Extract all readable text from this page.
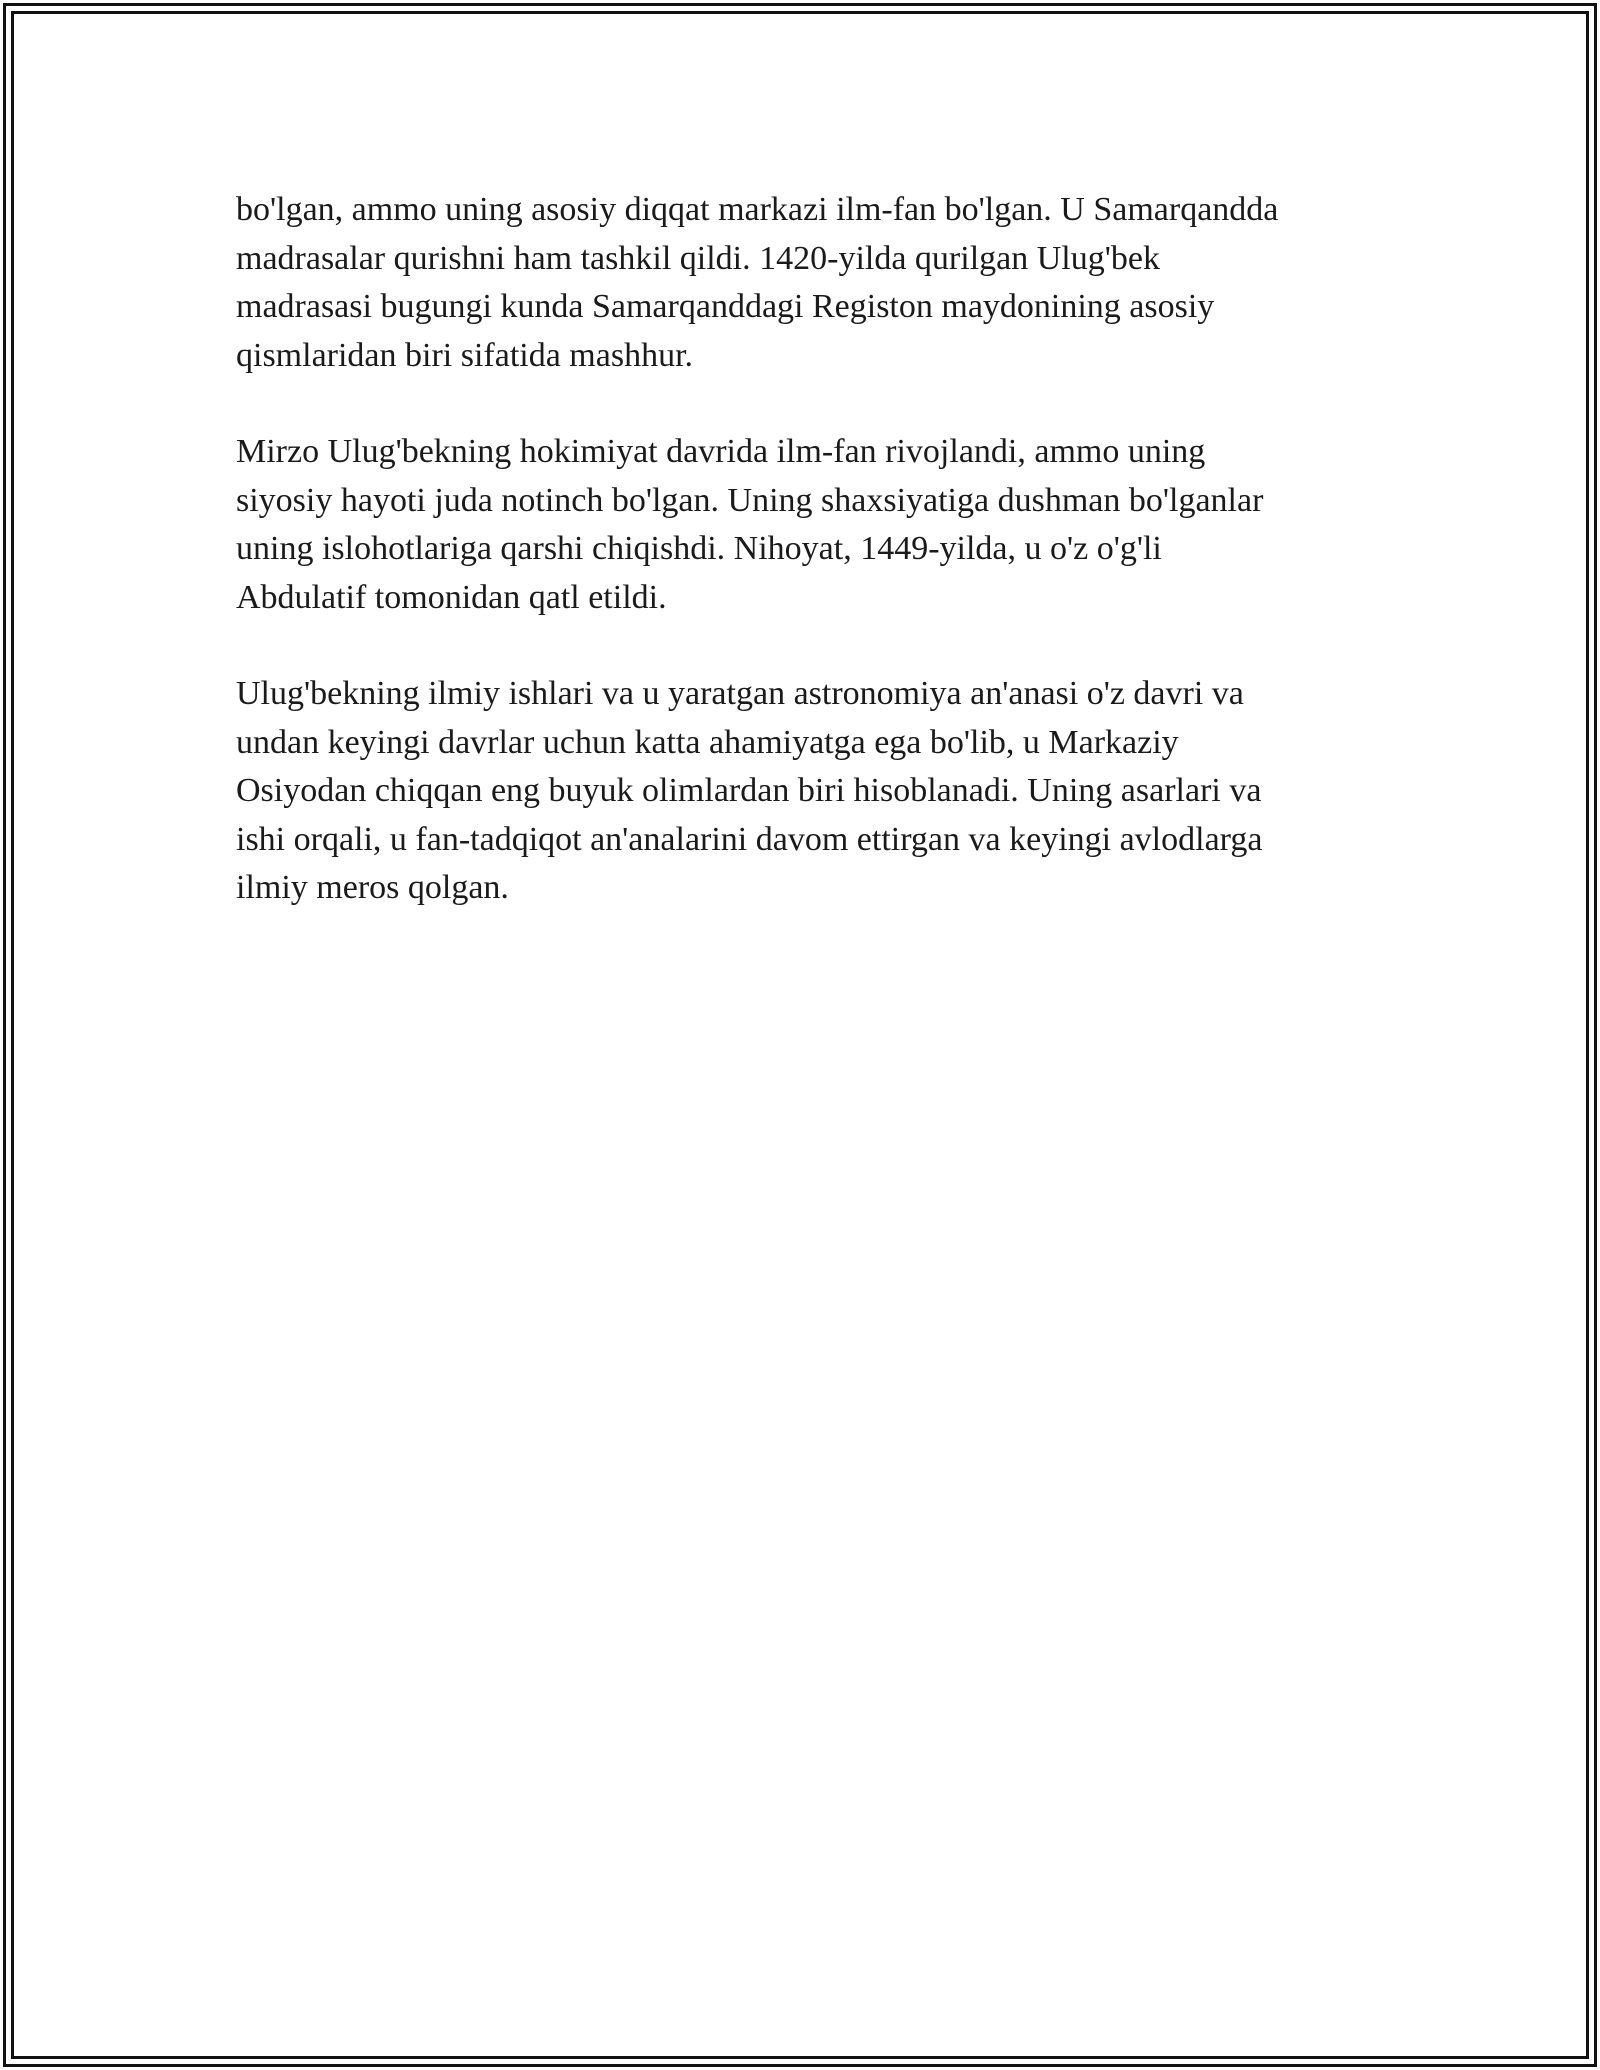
bo'lgan, ammo uning asosiy diqqat markazi ilm-fan bo'lgan. U Samarqandda
madrasalar qurishni ham tashkil qildi. 1420-yilda qurilgan Ulug'bek
madrasasi bugungi kunda Samarqanddagi Registon maydonining asosiy
qismlaridan biri sifatida mashhur.

Mirzo Ulug'bekning hokimiyat davrida ilm-fan rivojlandi, ammo uning
siyosiy hayoti juda notinch bo'lgan. Uning shaxsiyatiga dushman bo'lganlar
uning islohotlariga qarshi chiqishdi. Nihoyat, 1449-yilda, u o'z o'g'li
Abdulatif tomonidan qatl etildi.

Ulug'bekning ilmiy ishlari va u yaratgan astronomiya an'anasi o'z davri va
undan keyingi davrlar uchun katta ahamiyatga ega bo'lib, u Markaziy
Osiyodan chiqqan eng buyuk olimlardan biri hisoblanadi. Uning asarlari va
ishi orqali, u fan-tadqiqot an'analarini davom ettirgan va keyingi avlodlarga
ilmiy meros qolgan.
